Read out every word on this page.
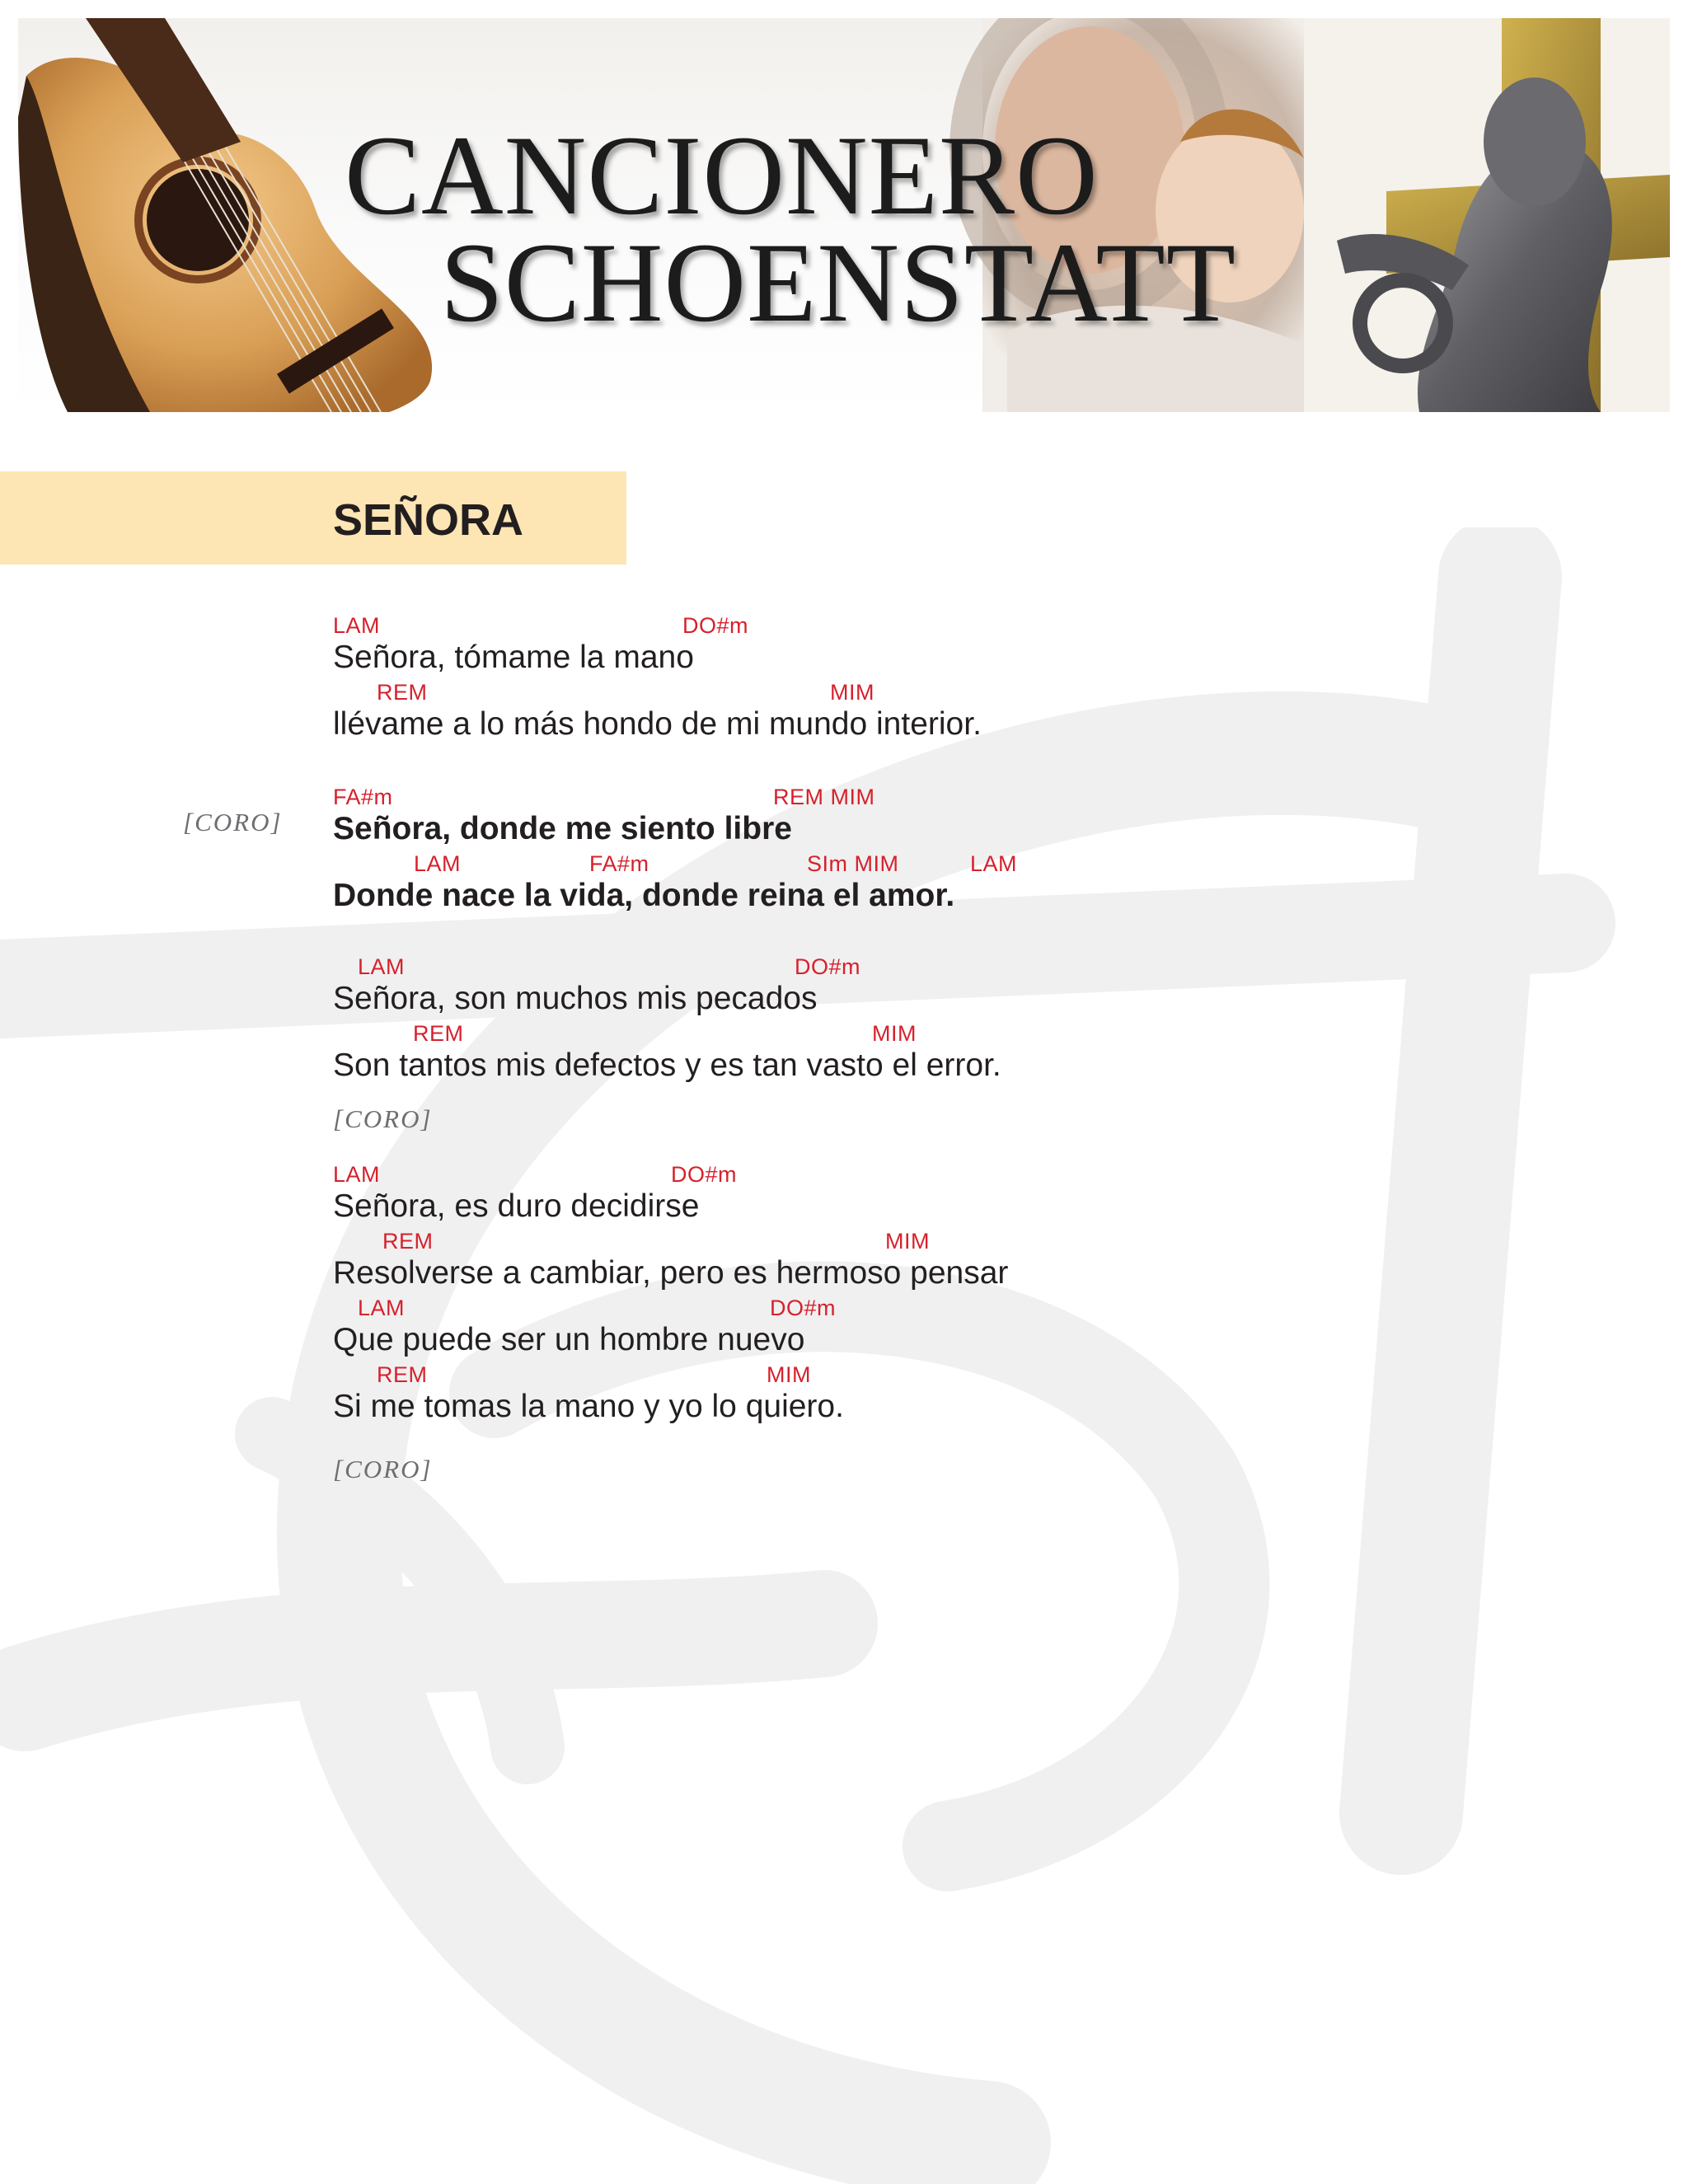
CANCIONERO
SCHOENSTATT
SEÑORA
LAM	DO#m
Señora, tómame la mano
REM	MIM
llévame a lo más hondo de mi mundo interior.
[CORO]
FA#m	REM MIM
Señora, donde me siento libre
LAM	FA#m	SIm MIM	LAM
Donde nace la vida, donde reina el amor.
LAM	DO#m
Señora, son muchos mis pecados
REM	MIM
Son tantos mis defectos y es tan vasto el error.
[CORO]
LAM	DO#m
Señora, es duro decidirse
REM	MIM
Resolverse a cambiar, pero es hermoso pensar
LAM	DO#m
Que puede ser un hombre nuevo
REM	MIM
Si me tomas la mano y yo lo quiero.
[CORO]
